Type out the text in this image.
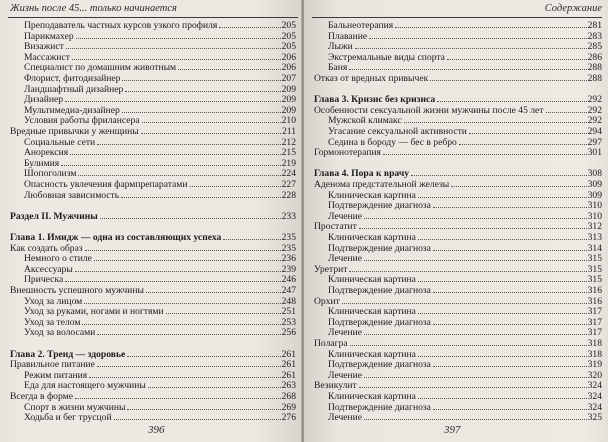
Жизнь после 45... только начинается
Преподаватель частных курсов узкого профиля	205
Парикмахер	205
Визажист	205
Массажист	206
Специалист по домашним животным	206
Флорист, фитодизайнер	207
Ландшафтный дизайнер	209
Дизайнер	209
Мультимедиа-дизайнер	209
Условия работы фрилансера	210
Вредные привычки у женщины	211
Социальные сети	212
Анорексия	215
Булимия	219
Шопоголизм	224
Опасность увлечения фармпрепаратами	227
Любовная зависимость	228
Раздел II. Мужчины	233
Глава 1. Имидж — одна из составляющих успеха	235
Как создать образ	235
Немного о стиле	236
Аксессуары	239
Прическа	246
Внешность успешного мужчины	247
Уход за лицом	248
Уход за руками, ногами и ногтями	251
Уход за телом	253
Уход за волосами	256
Глава 2. Тренд — здоровье	261
Правильное питание	261
Режим питания	261
Еда для настоящего мужчины	263
Всегда в форме	268
Спорт в жизни мужчины	269
Ходьба и бег трусцой	276
396
Содержание
Бальнеотерапия	281
Плавание	283
Лыжи	285
Экстремальные виды спорта	286
Баня	288
Отказ от вредных привычек	288
Глава 3. Кризис без кризиса	292
Особенности сексуальной жизни мужчины после 45 лет	292
Мужской климакс	292
Угасание сексуальной активности	294
Седина в бороду — бес в ребро	297
Гормонотерапия	301
Глава 4. Пора к врачу	308
Аденома предстательной железы	309
Клиническая картина	309
Подтверждение диагноза	310
Лечение	310
Простатит	312
Клиническая картина	313
Подтверждение диагноза	314
Лечение	315
Уретрит	315
Клиническая картина	315
Подтверждение диагноза	316
Орхит	316
Клиническая картина	317
Подтверждение диагноза	317
Лечение	317
Полагра	318
Клиническая картина	318
Подтверждение диагноза	319
Лечение	320
Везикулит	324
Клиническая картина	324
Подтверждение диагноза	324
Лечение	325
397
